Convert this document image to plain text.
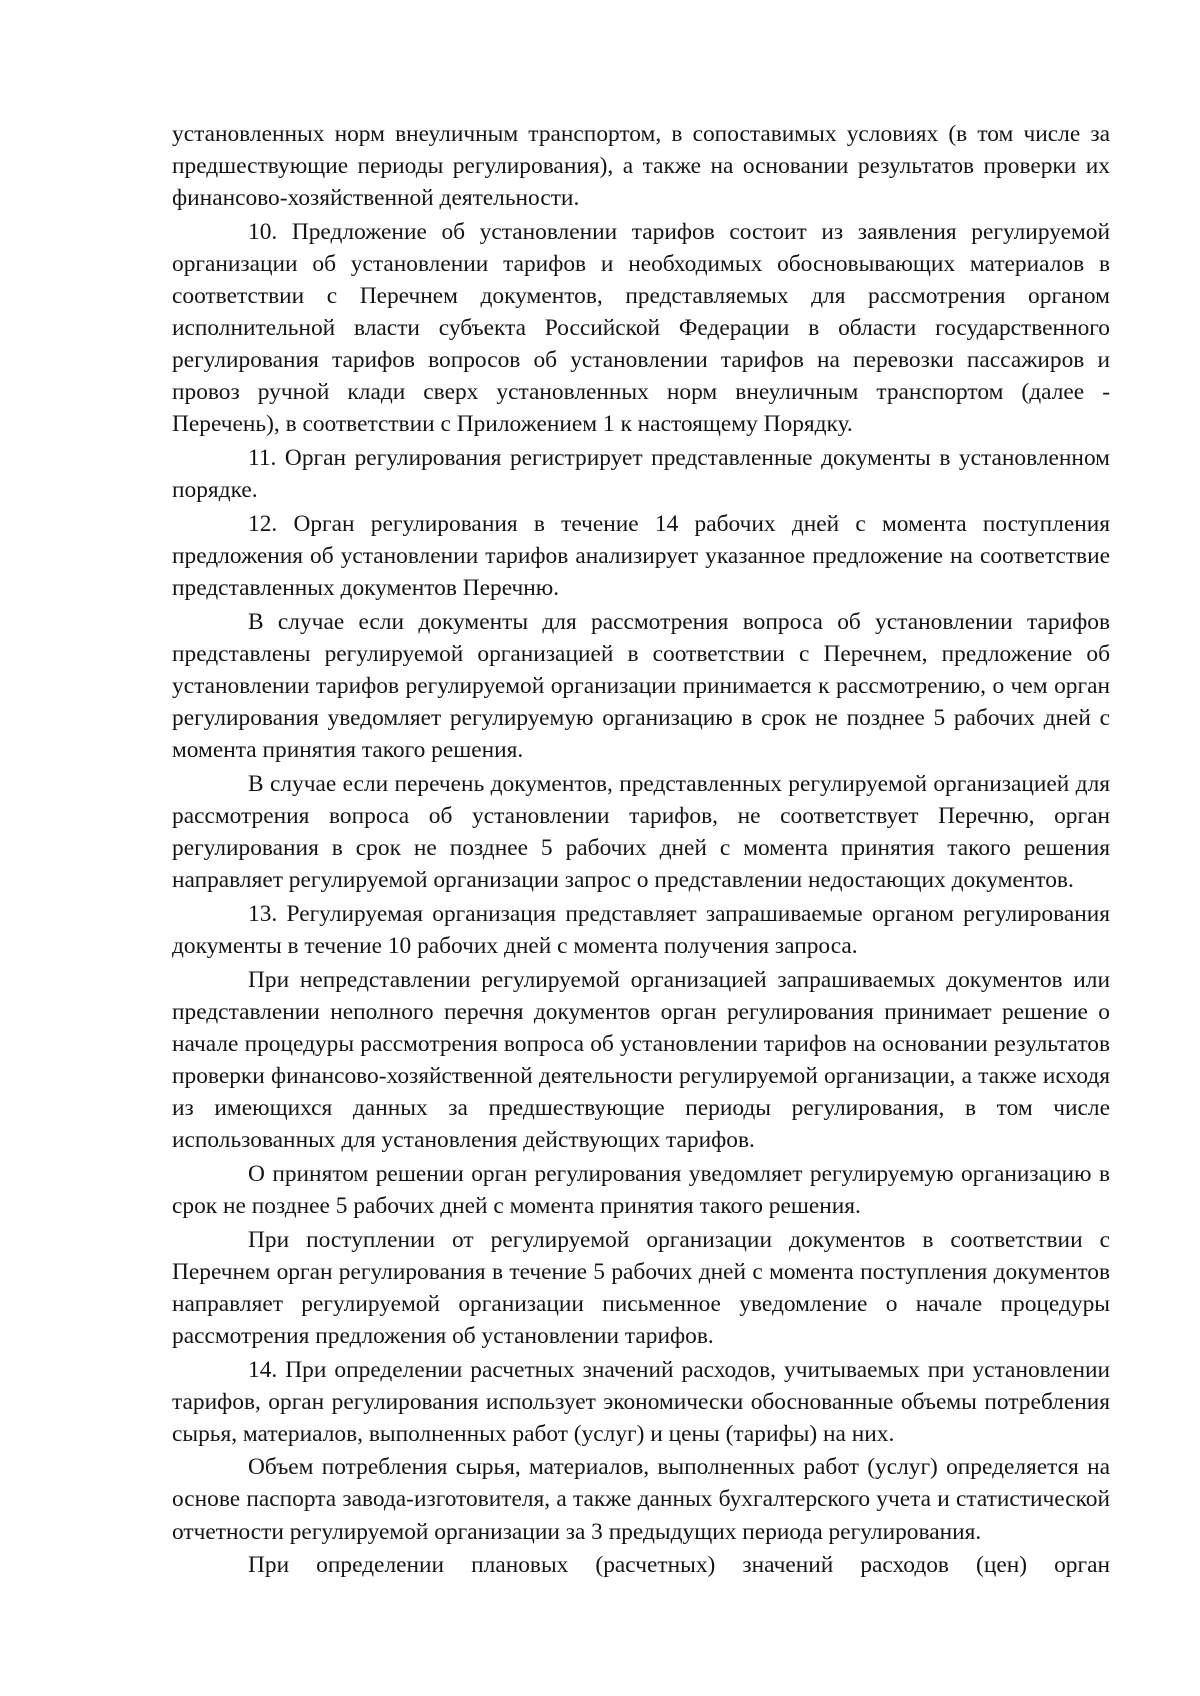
установленных норм внеуличным транспортом, в сопоставимых условиях (в том числе за предшествующие периоды регулирования), а также на основании результатов проверки их финансово-хозяйственной деятельности.

10. Предложение об установлении тарифов состоит из заявления регулируемой организации об установлении тарифов и необходимых обосновывающих материалов в соответствии с Перечнем документов, представляемых для рассмотрения органом исполнительной власти субъекта Российской Федерации в области государственного регулирования тарифов вопросов об установлении тарифов на перевозки пассажиров и провоз ручной клади сверх установленных норм внеуличным транспортом (далее - Перечень), в соответствии с Приложением 1 к настоящему Порядку.

11. Орган регулирования регистрирует представленные документы в установленном порядке.

12. Орган регулирования в течение 14 рабочих дней с момента поступления предложения об установлении тарифов анализирует указанное предложение на соответствие представленных документов Перечню.

В случае если документы для рассмотрения вопроса об установлении тарифов представлены регулируемой организацией в соответствии с Перечнем, предложение об установлении тарифов регулируемой организации принимается к рассмотрению, о чем орган регулирования уведомляет регулируемую организацию в срок не позднее 5 рабочих дней с момента принятия такого решения.

В случае если перечень документов, представленных регулируемой организацией для рассмотрения вопроса об установлении тарифов, не соответствует Перечню, орган регулирования в срок не позднее 5 рабочих дней с момента принятия такого решения направляет регулируемой организации запрос о представлении недостающих документов.

13. Регулируемая организация представляет запрашиваемые органом регулирования документы в течение 10 рабочих дней с момента получения запроса.

При непредставлении регулируемой организацией запрашиваемых документов или представлении неполного перечня документов орган регулирования принимает решение о начале процедуры рассмотрения вопроса об установлении тарифов на основании результатов проверки финансово-хозяйственной деятельности регулируемой организации, а также исходя из имеющихся данных за предшествующие периоды регулирования, в том числе использованных для установления действующих тарифов.

О принятом решении орган регулирования уведомляет регулируемую организацию в срок не позднее 5 рабочих дней с момента принятия такого решения.

При поступлении от регулируемой организации документов в соответствии с Перечнем орган регулирования в течение 5 рабочих дней с момента поступления документов направляет регулируемой организации письменное уведомление о начале процедуры рассмотрения предложения об установлении тарифов.

14. При определении расчетных значений расходов, учитываемых при установлении тарифов, орган регулирования использует экономически обоснованные объемы потребления сырья, материалов, выполненных работ (услуг) и цены (тарифы) на них.

Объем потребления сырья, материалов, выполненных работ (услуг) определяется на основе паспорта завода-изготовителя, а также данных бухгалтерского учета и статистической отчетности регулируемой организации за 3 предыдущих периода регулирования.

При определении плановых (расчетных) значений расходов (цен) орган
